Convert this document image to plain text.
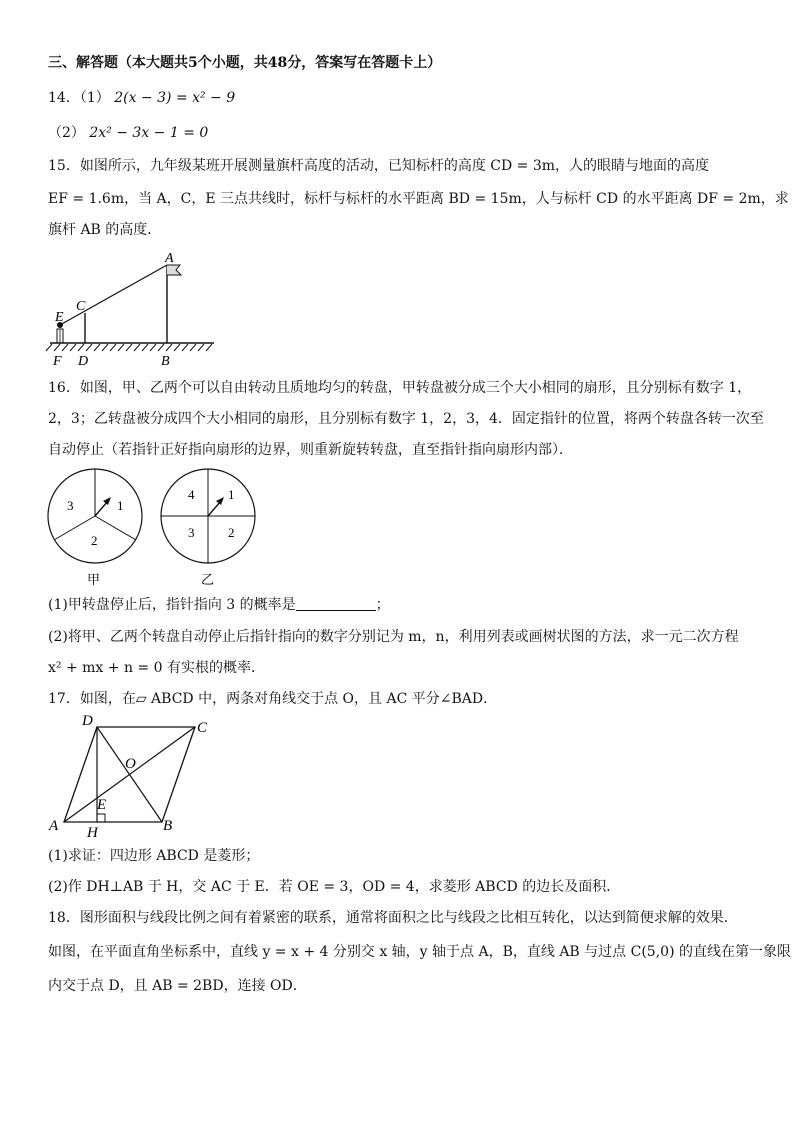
三、解答题（本大题共5个小题，共48分，答案写在答题卡上）
14．（1） 2(x − 3) = x² − 9
（2） 2x² − 3x − 1 = 0
15．如图所示，九年级某班开展测量旗杆高度的活动，已知标杆的高度 CD = 3m，人的眼睛与地面的高度
EF = 1.6m，当 A，C，E 三点共线时，标杆与标杆的水平距离 BD = 15m，人与标杆 CD 的水平距离 DF = 2m，求
旗杆 AB 的高度．
A
C
E
F D	B
16．如图，甲、乙两个可以自由转动且质地均匀的转盘，甲转盘被分成三个大小相同的扇形，且分别标有数字 1，
2，3；乙转盘被分成四个大小相同的扇形，且分别标有数字 1，2，3，4．固定指针的位置，将两个转盘各转一次至
自动停止（若指针正好指向扇形的边界，则重新旋转转盘，直至指针指向扇形内部）．
1
2
3
甲
1
2
3
4
乙
(1)甲转盘停止后，指针指向 3 的概率是	；
(2)将甲、乙两个转盘自动停止后指针指向的数字分别记为 m，n，利用列表或画树状图的方法，求一元二次方程
x² + mx + n = 0 有实根的概率．
17．如图，在▱ ABCD 中，两条对角线交于点 O，且 AC 平分∠BAD．
D	C
O
E
A H	B
(1)求证：四边形 ABCD 是菱形；
(2)作 DH⊥AB 于 H，交 AC 于 E．若 OE = 3，OD = 4，求菱形 ABCD 的边长及面积．
18．图形面积与线段比例之间有着紧密的联系，通常将面积之比与线段之比相互转化，以达到简便求解的效果．
如图，在平面直角坐标系中，直线 y = x + 4 分别交 x 轴，y 轴于点 A，B，直线 AB 与过点 C(5,0) 的直线在第一象限
内交于点 D，且 AB = 2BD，连接 OD．
